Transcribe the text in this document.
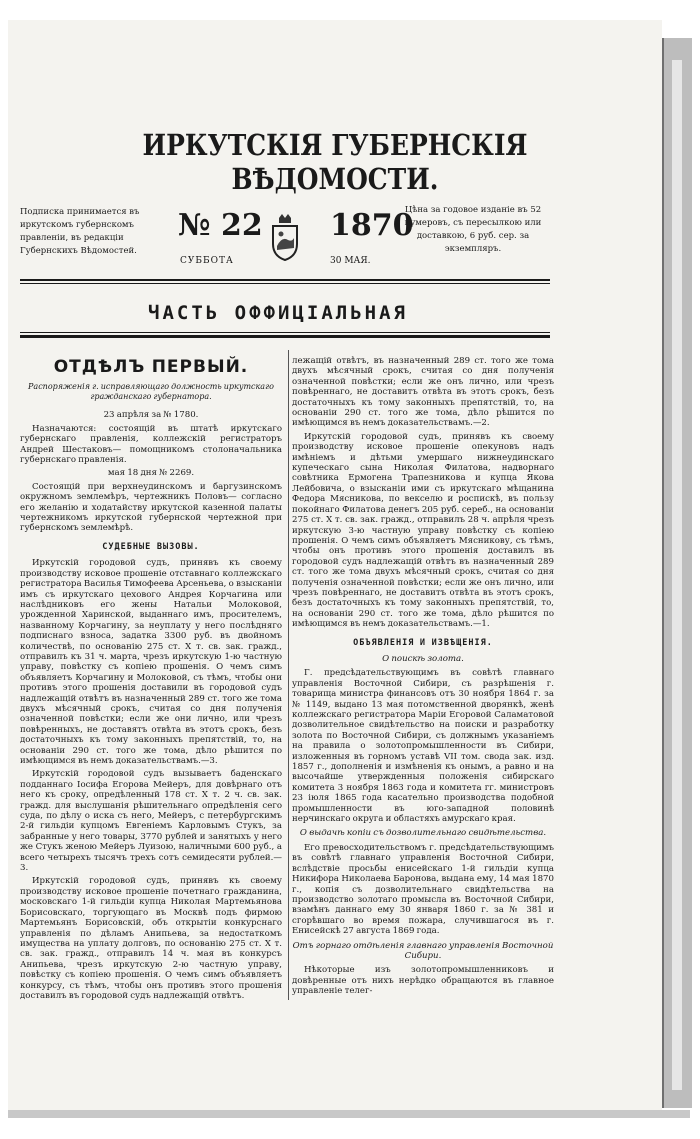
ИРКУТСКІЯ ГУБЕРНСКІЯ ВѢДОМОСТИ.
Подписка принимается въ иркутскомъ губернскомъ правленіи, въ редакціи Губернскихъ Вѣдомостей.
№ 22 1870
Цѣна за годовое изданіе въ 52 нумеровъ, съ пересылкою или доставкою, 6 руб. сер. за экземпляръ.
СУББОТА	30 МАЯ.
ЧАСТЬ ОФФИЦІАЛЬНАЯ
ОТДѢЛЪ ПЕРВЫЙ.
Распоряженія г. исправляющаго должность иркутскаго гражданскаго губернатора.

23 апрѣля за № 1780.

Назначаются: состоящій въ штатѣ иркутскаго губернскаго правленія, коллежскій регистраторъ Андрей Шестаковъ— помощникомъ столоначальника губернскаго правленія.

мая 18 дня № 2269.

Состоящій при верхнеудинскомъ и баргузинскомъ окружномъ землемѣръ, чертежникъ Половъ— согласно его желанію и ходатайству иркутской казенной палаты чертежникомъ иркутской губернской чертежной при губернскомъ землемѣрѣ.

СУДЕБНЫЕ ВЫЗОВЫ.

Иркутскій городовой судъ, принявъ къ своему производству исковое прошеніе отставнаго коллежскаго регистратора Василья Тимофеева Арсеньева, о взысканіи имъ съ иркутскаго цехового Андрея Корчагина или наслѣдниковъ его жены Натальи Молоковой, урожденной Харинской, выданнаго имъ, просителемъ, названному Корчагину, за неуплату у него послѣдняго подписнаго взноса, задатка 3300 руб. въ двойномъ количествѣ, по основанію 275 ст. X т. св. зак. гражд., отправилъ къ 31 ч. марта, чрезъ иркутскую 1-ю частную управу, повѣстку съ копіею прошенія. О чемъ симъ объявляетъ Корчагину и Молоковой, съ тѣмъ, чтобы они противъ этого прошенія доставили въ городовой судъ надлежащій отвѣтъ въ назначенный 289 ст. того же тома двухъ мѣсячный срокъ, считая со дня полученія означенной повѣстки; если же они лично, или чрезъ повѣренныхъ, не доставятъ отвѣта въ этотъ срокъ, безъ достаточныхъ къ тому законныхъ препятствій, то, на основаніи 290 ст. того же тома, дѣло рѣшится по имѣющимся въ немъ доказательствамъ.—3.

Иркутскій городовой судъ вызываетъ баденскаго подданнаго Іосифа Егорова Мейеръ, для довѣрнаго отъ него къ сроку, опредѣленный 178 ст. X т. 2 ч. св. зак. гражд. для выслушанія рѣшительнаго опредѣленія сего суда, по дѣлу о иска съ него, Мейеръ, с петербургскимъ 2-й гильдіи купцомъ Евгеніемъ Карловымъ Стукъ, за забранные у него товары, 3770 рублей и занятыхъ у него же Стукъ женою Мейеръ Луизою, наличными 600 руб., а всего четырехъ тысячъ трехъ сотъ семидесяти рублей.—3.

Иркутскій городовой судъ, принявъ къ своему производству исковое прошеніе почетнаго гражданина, московскаго 1-й гильдіи купца Николая Мартемьянова Борисовскаго, торгующаго въ Москвѣ подъ фирмою Мартемьянъ Борисовскій, объ открытіи конкурснаго управленія по дѣламъ Анипьева, за недостаткомъ имущества на уплату долговъ, по основанію 275 ст. X т. св. зак. гражд., отправилъ 14 ч. мая въ конкурсъ Анипьева, чрезъ иркутскую 2-ю частную управу, повѣстку съ копіею прошенія. О чемъ симъ объявляетъ конкурсу, съ тѣмъ, чтобы онъ противъ этого прошенія доставилъ въ городовой судъ надлежащій отвѣтъ.

лежащій отвѣтъ, въ назначенный 289 ст. того же тома двухъ мѣсячный срокъ, считая со дня полученія означенной повѣстки; если же онъ лично, или чрезъ повѣреннаго, не доставитъ отвѣта въ этотъ срокъ, безъ достаточныхъ къ тому законныхъ препятствій, то, на основаніи 290 ст. того же тома, дѣло рѣшится по имѣющимся въ немъ доказательствамъ.—2.

Иркутскій городовой судъ, принявъ къ своему производству исковое прошеніе опекуновъ надъ имѣніемъ и дѣтьми умершаго нижнеудинскаго купеческаго сына Николая Филатова, надворнаго совѣтника Ермогена Трапезникова и купца Якова Лейбовича, о взысканіи ими съ иркутскаго мѣщанина Федора Мясникова, по векселю и роспискѣ, въ пользу покойнаго Филатова денегъ 205 руб. сереб., на основаніи 275 ст. X т. св. зак. гражд., отправилъ 28 ч. апрѣля чрезъ иркутскую 3-ю частную управу повѣстку съ копіею прошенія. О чемъ симъ объявляетъ Мясникову, съ тѣмъ, чтобы онъ противъ этого прошенія доставилъ въ городовой судъ надлежащій отвѣтъ въ назначенный 289 ст. того же тома двухъ мѣсячный срокъ, считая со дня полученія означенной повѣстки; если же онъ лично, или чрезъ повѣреннаго, не доставитъ отвѣта въ этотъ срокъ, безъ достаточныхъ къ тому законныхъ препятствій, то, на основаніи 290 ст. того же тома, дѣло рѣшится по имѣющимся въ немъ доказательствамъ.—1.

ОБЪЯВЛЕНІЯ И ИЗВѢЩЕНІЯ.
О поискѣ золота.

Г. предсѣдательствующимъ въ совѣтѣ главнаго управленія Восточной Сибири, съ разрѣшенія г. товарища министра финансовъ отъ 30 ноября 1864 г. за № 1149, выдано 13 мая потомственной дворянкѣ, женѣ коллежскаго регистратора Маріи Егоровой Саламатовой дозволительное свидѣтельство на поиски и разработку золота по Восточной Сибири, съ должнымъ указаніемъ на правила о золотопромышленности въ Сибири, изложенныя въ горномъ уставѣ VII том. свода зак. изд. 1857 г., дополненія и измѣненія къ онымъ, а равно и на высочайше утвержденныя положенія сибирскаго комитета 3 ноября 1863 года и комитета гг. министровъ 23 іюля 1865 года касательно производства подобной промышленности въ юго-западной половинѣ нерчинскаго округа и областяхъ амурскаго края.

О выдачѣ копіи съ дозволительнаго свидѣтельства.

Его превосходительствомъ г. предсѣдательствующимъ въ совѣтѣ главнаго управленія Восточной Сибири, вслѣдствіе просьбы енисейскаго 1-й гильдіи купца Никифора Николаева Баронова, выдана ему, 14 мая 1870 г., копія съ дозволительнаго свидѣтельства на производство золотаго промысла въ Восточной Сибири, взамѣнъ даннаго ему 30 января 1860 г. за № 381 и сгорѣвшаго во время пожара, случившагося въ г. Енисейскѣ 27 августа 1869 года.

Отъ горнаго отдѣленія главнаго управленія Восточной Сибири.

Нѣкоторые изъ золотопромышленниковъ и довѣренные отъ нихъ нерѣдко обращаются въ главное управленіе телег-
